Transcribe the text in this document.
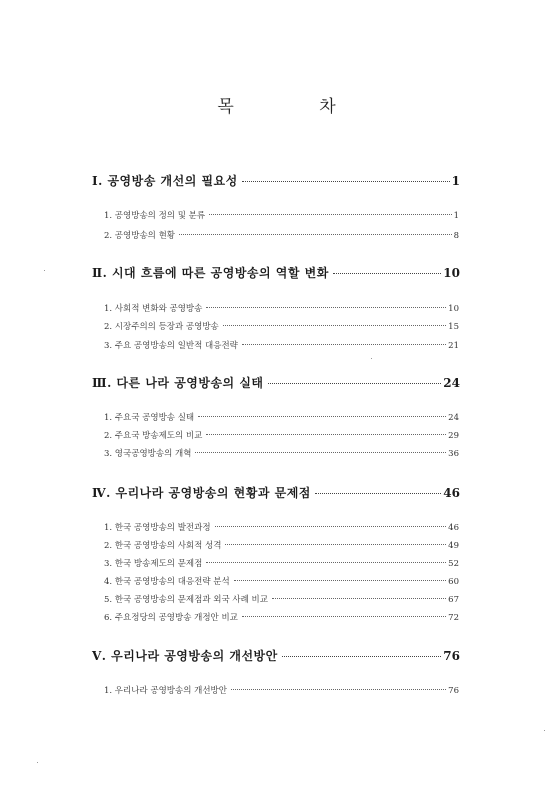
목 차
Ⅰ. 공영방송 개선의 필요성	1
1. 공영방송의 정의 및 분류	1
2. 공영방송의 현황	8
Ⅱ. 시대 흐름에 따른 공영방송의 역할 변화	10
1. 사회적 변화와 공영방송	10
2. 시장주의의 등장과 공영방송	15
3. 주요 공영방송의 일반적 대응전략	21
Ⅲ. 다른 나라 공영방송의 실태	24
1. 주요국 공영방송 실태	24
2. 주요국 방송제도의 비교	29
3. 영국공영방송의 개혁	36
Ⅳ. 우리나라 공영방송의 현황과 문제점	46
1. 한국 공영방송의 발전과정	46
2. 한국 공영방송의 사회적 성격	49
3. 한국 방송제도의 문제점	52
4. 한국 공영방송의 대응전략 분석	60
5. 한국 공영방송의 문제점과 외국 사례 비교	67
6. 주요정당의 공영방송 개정안 비교	72
Ⅴ. 우리나라 공영방송의 개선방안	76
1. 우리나라 공영방송의 개선방안	76
